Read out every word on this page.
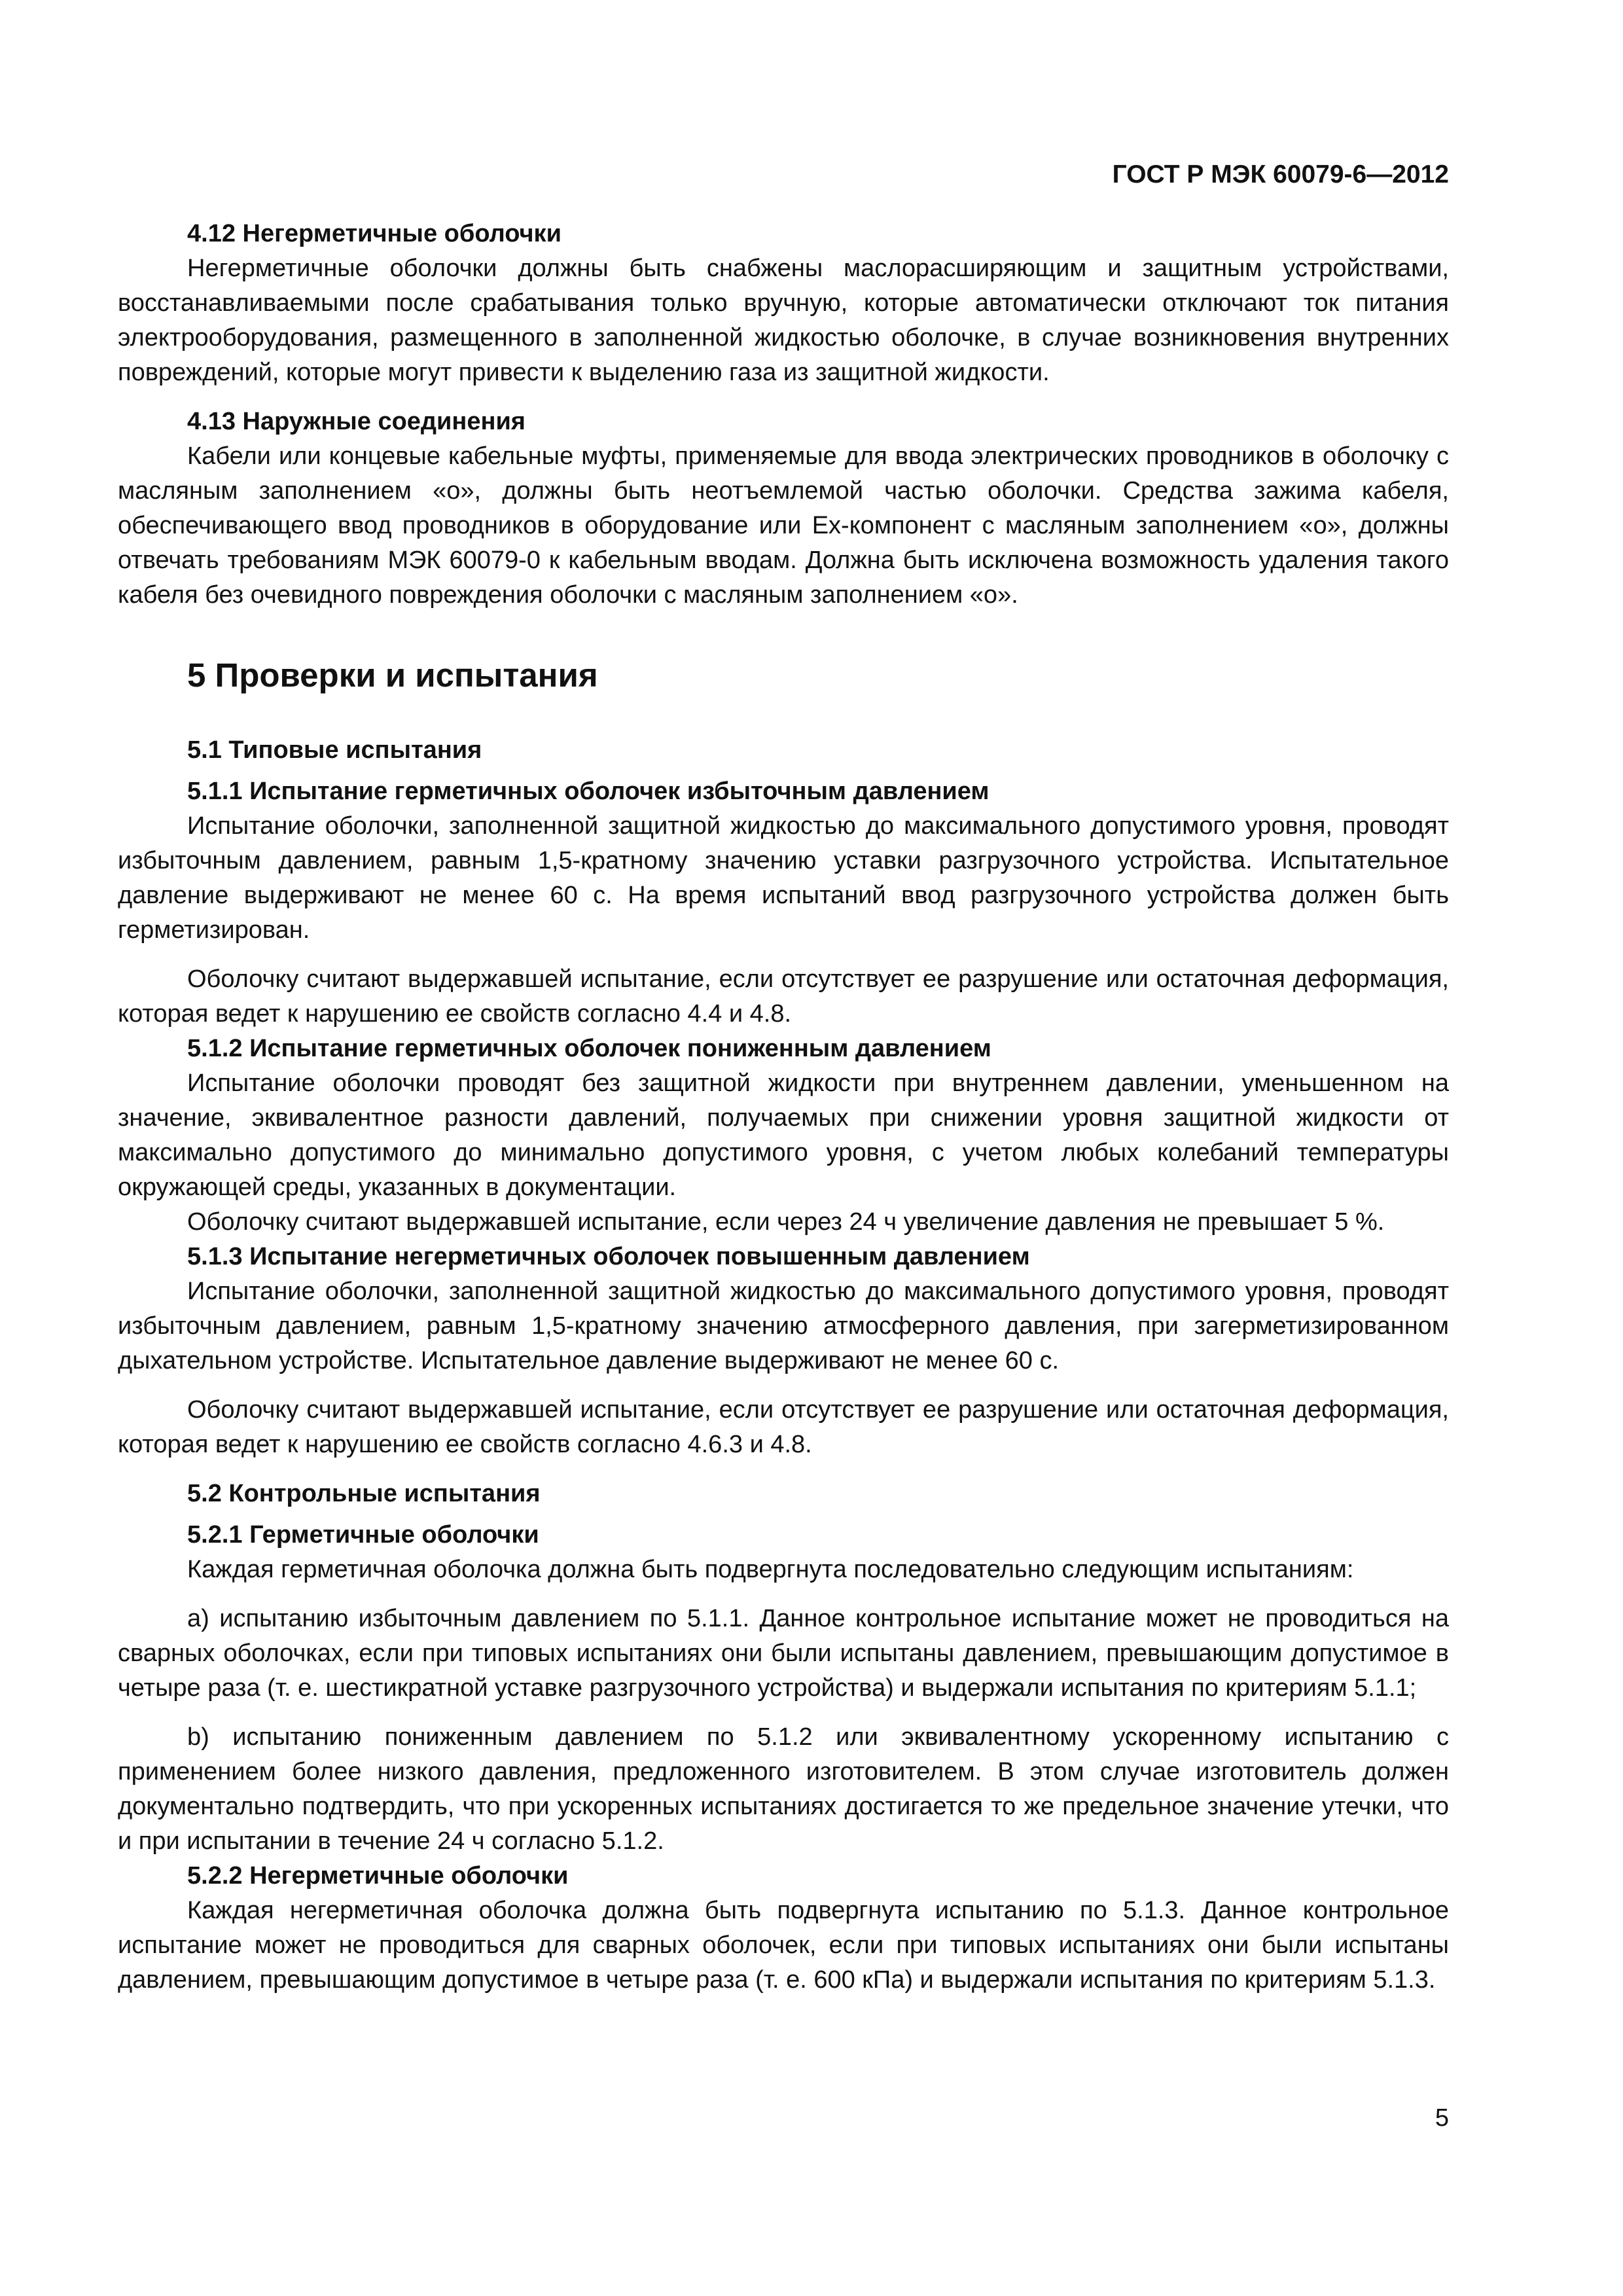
ГОСТ Р МЭК 60079-6—2012
4.12 Негерметичные оболочки

Негерметичные оболочки должны быть снабжены маслорасширяющим и защитным устройствами, восстанавливаемыми после срабатывания только вручную, которые автоматически отключают ток питания электрооборудования, размещенного в заполненной жидкостью оболочке, в случае возникновения внутренних повреждений, которые могут привести к выделению газа из защитной жидкости.

4.13 Наружные соединения

Кабели или концевые кабельные муфты, применяемые для ввода электрических проводников в оболочку с масляным заполнением «о», должны быть неотъемлемой частью оболочки. Средства зажима кабеля, обеспечивающего ввод проводников в оборудование или Ех-компонент с масляным заполнением «о», должны отвечать требованиям МЭК 60079-0 к кабельным вводам. Должна быть исключена возможность удаления такого кабеля без очевидного повреждения оболочки с масляным заполнением «о».

5 Проверки и испытания
5.1 Типовые испытания
5.1.1 Испытание герметичных оболочек избыточным давлением

Испытание оболочки, заполненной защитной жидкостью до максимального допустимого уровня, проводят избыточным давлением, равным 1,5-кратному значению уставки разгрузочного устройства. Испытательное давление выдерживают не менее 60 с. На время испытаний ввод разгрузочного устройства должен быть герметизирован.

Оболочку считают выдержавшей испытание, если отсутствует ее разрушение или остаточная деформация, которая ведет к нарушению ее свойств согласно 4.4 и 4.8.

5.1.2 Испытание герметичных оболочек пониженным давлением

Испытание оболочки проводят без защитной жидкости при внутреннем давлении, уменьшенном на значение, эквивалентное разности давлений, получаемых при снижении уровня защитной жидкости от максимально допустимого до минимально допустимого уровня, с учетом любых колебаний температуры окружающей среды, указанных в документации.

Оболочку считают выдержавшей испытание, если через 24 ч увеличение давления не превышает 5 %.

5.1.3 Испытание негерметичных оболочек повышенным давлением

Испытание оболочки, заполненной защитной жидкостью до максимального допустимого уровня, проводят избыточным давлением, равным 1,5-кратному значению атмосферного давления, при загерметизированном дыхательном устройстве. Испытательное давление выдерживают не менее 60 с.

Оболочку считают выдержавшей испытание, если отсутствует ее разрушение или остаточная деформация, которая ведет к нарушению ее свойств согласно 4.6.3 и 4.8.

5.2 Контрольные испытания
5.2.1 Герметичные оболочки

Каждая герметичная оболочка должна быть подвергнута последовательно следующим испытаниям:

а) испытанию избыточным давлением по 5.1.1. Данное контрольное испытание может не проводиться на сварных оболочках, если при типовых испытаниях они были испытаны давлением, превышающим допустимое в четыре раза (т. е. шестикратной уставке разгрузочного устройства) и выдержали испытания по критериям 5.1.1;

b) испытанию пониженным давлением по 5.1.2 или эквивалентному ускоренному испытанию с применением более низкого давления, предложенного изготовителем. В этом случае изготовитель должен документально подтвердить, что при ускоренных испытаниях достигается то же предельное значение утечки, что и при испытании в течение 24 ч согласно 5.1.2.

5.2.2 Негерметичные оболочки

Каждая негерметичная оболочка должна быть подвергнута испытанию по 5.1.3. Данное контрольное испытание может не проводиться для сварных оболочек, если при типовых испытаниях они были испытаны давлением, превышающим допустимое в четыре раза (т. е. 600 кПа) и выдержали испытания по критериям 5.1.3.

5
